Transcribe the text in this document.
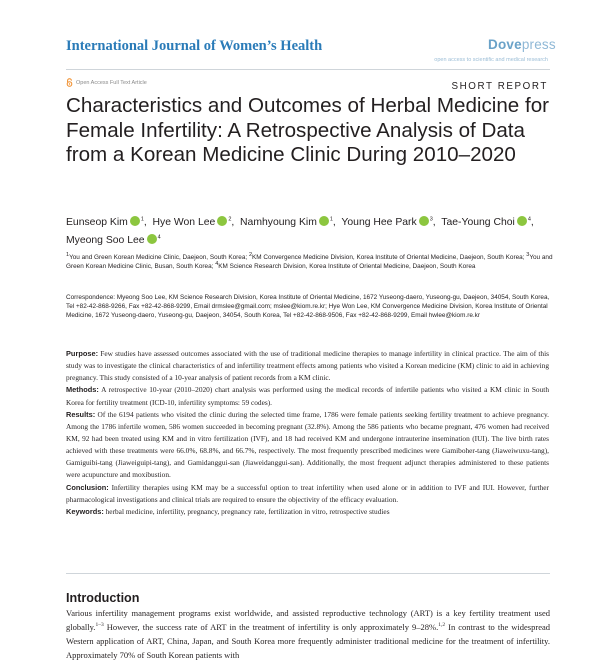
International Journal of Women’s Health	Dovepress
open access to scientific and medical research
Open Access Full Text Article	SHORT REPORT
Characteristics and Outcomes of Herbal Medicine for Female Infertility: A Retrospective Analysis of Data from a Korean Medicine Clinic During 2010–2020
Eunseop Kim $^1$,  Hye Won Lee $^2$,  Namhyoung Kim $^1$,  Young Hee Park $^3$,  Tae-Young Choi $^4$,
Myeong Soo Lee $^4$
$^1$You and Green Korean Medicine Clinic, Daejeon, South Korea; $^2$KM Convergence Medicine Division, Korea Institute of Oriental Medicine, Daejeon, South Korea; $^3$You and Green Korean Medicine Clinic, Busan, South Korea; $^4$KM Science Research Division, Korea Institute of Oriental Medicine, Daejeon, South Korea
Correspondence: Myeong Soo Lee, KM Science Research Division, Korea Institute of Oriental Medicine, 1672 Yuseong-daero, Yuseong-gu, Daejeon, 34054, South Korea, Tel +82-42-868-9266, Fax +82-42-868-9299, Email drmslee@gmail.com; mslee@kiom.re.kr; Hye Won Lee, KM Convergence Medicine Division, Korea Institute of Oriental Medicine, 1672 Yuseong-daero, Yuseong-gu, Daejeon, 34054, South Korea, Tel +82-42-868-9506, Fax +82-42-868-9299, Email hwlee@kiom.re.kr

Purpose: Few studies have assessed outcomes associated with the use of traditional medicine therapies to manage infertility in clinical practice. The aim of this study was to investigate the clinical characteristics of and infertility treatment effects among patients who visited a Korean medicine (KM) clinic to aid in achieving pregnancy. This study consisted of a 10-year analysis of patient records from a KM clinic.

Methods: A retrospective 10-year (2010–2020) chart analysis was performed using the medical records of infertile patients who visited a KM clinic in South Korea for fertility treatment (ICD-10, infertility symptoms: 59 codes).

Results: Of the 6194 patients who visited the clinic during the selected time frame, 1786 were female patients seeking fertility treatment to achieve pregnancy. Among the 1786 infertile women, 586 women succeeded in becoming pregnant (32.8%). Among the 586 patients who became pregnant, 476 women had received KM, 92 had been treated using KM and in vitro fertilization (IVF), and 18 had received KM and undergone intrauterine insemination (IUI). The live birth rates achieved with these treatments were 66.0%, 68.8%, and 66.7%, respectively. The most frequently prescribed medicines were Gamiboher-tang (Jiaweiwuxu-tang), Gamiguibi-tang (Jiaweiguipi-tang), and Gamidanggui-san (Jiaweidanggui-san). Additionally, the most frequent adjunct therapies administered to these patients were acupuncture and moxibustion.

Conclusion: Infertility therapies using KM may be a successful option to treat infertility when used alone or in addition to IVF and IUI. However, further pharmacological investigations and clinical trials are required to ensure the objectivity of the efficacy evaluation.

Keywords: herbal medicine, infertility, pregnancy, pregnancy rate, fertilization in vitro, retrospective studies

Introduction
Various infertility management programs exist worldwide, and assisted reproductive technology (ART) is a key fertility treatment used globally.$^{1-3}$ However, the success rate of ART in the treatment of infertility is only approximately 9–28%.$^{1,2}$ In contrast to the widespread Western application of ART, China, Japan, and South Korea more frequently administer traditional medicine for the treatment of infertility. Approximately 70% of South Korean patients with
